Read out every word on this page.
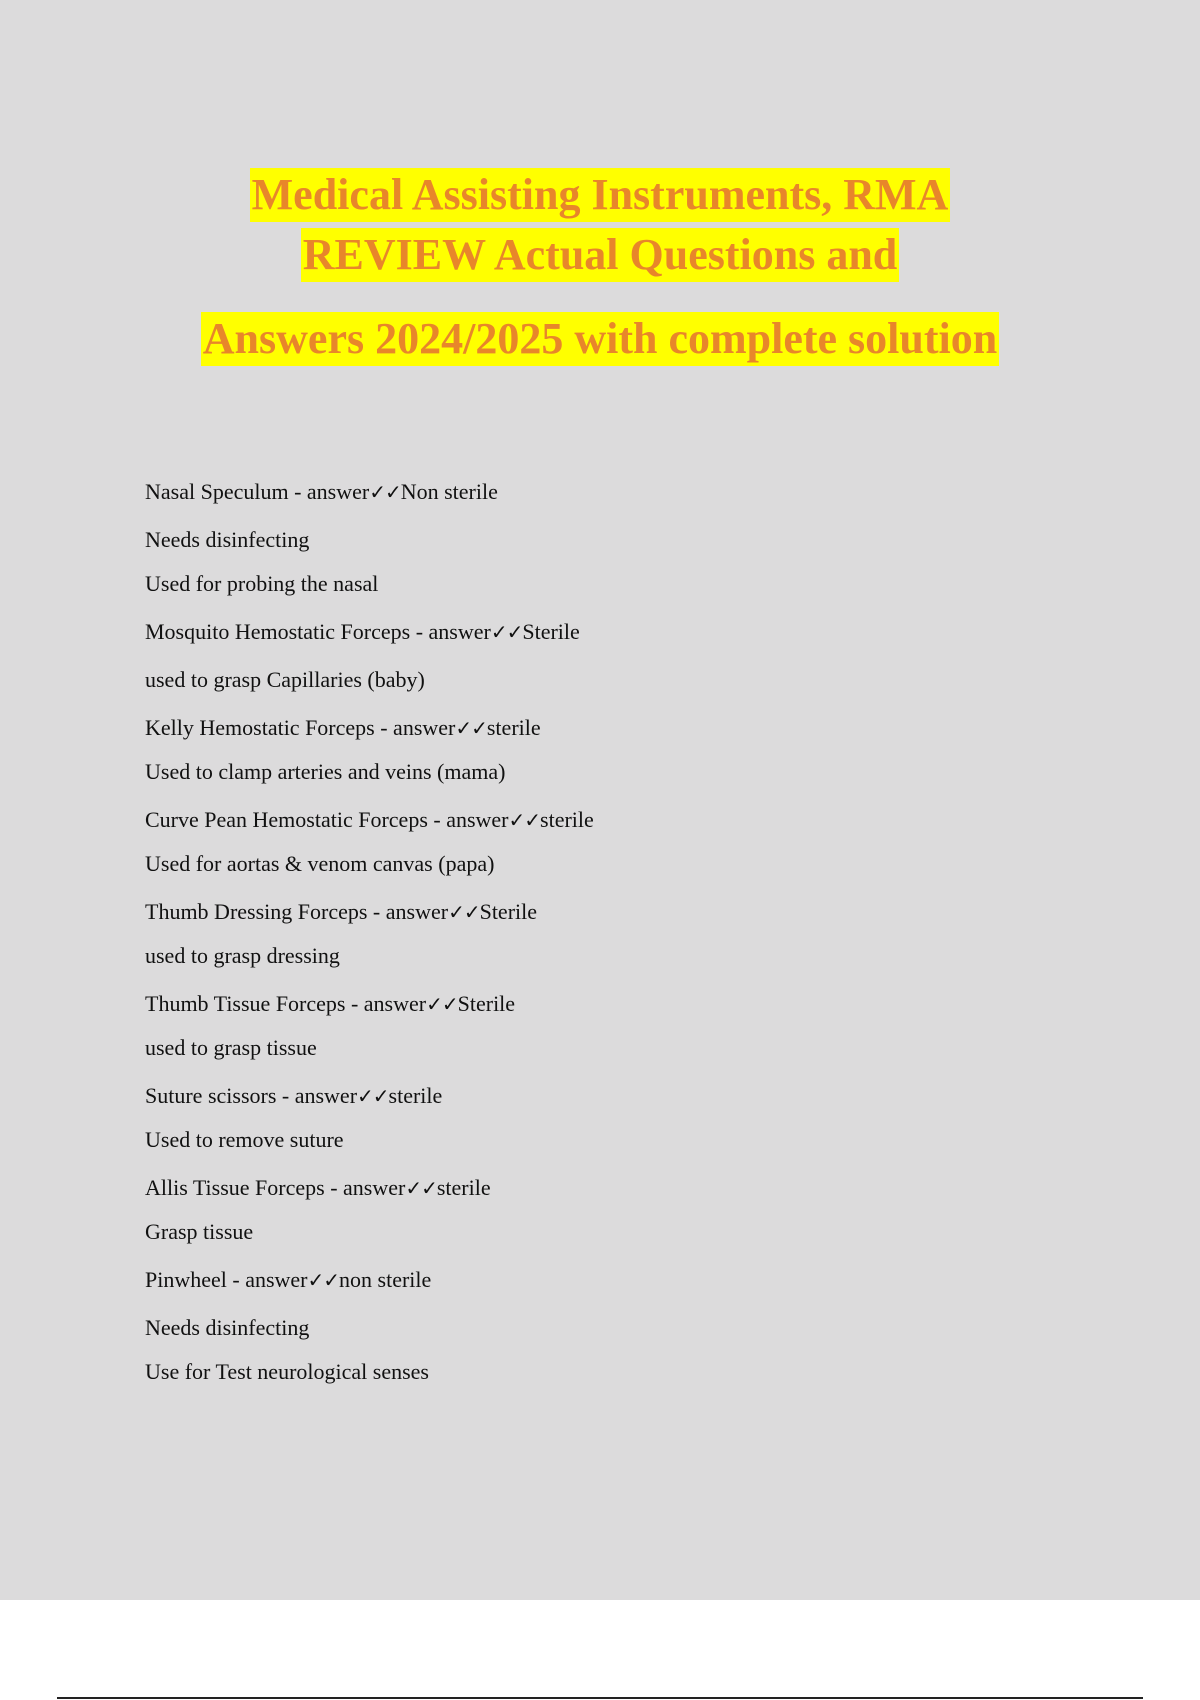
Medical Assisting Instruments, RMA
REVIEW Actual Questions and
Answers 2024/2025 with complete solution
Nasal Speculum - answer✓✓Non sterile
Needs disinfecting
Used for probing the nasal
Mosquito Hemostatic Forceps - answer✓✓Sterile
used to grasp Capillaries (baby)
Kelly Hemostatic Forceps - answer✓✓sterile
Used to clamp arteries and veins (mama)
Curve Pean Hemostatic Forceps - answer✓✓sterile
Used for aortas & venom canvas (papa)
Thumb Dressing Forceps - answer✓✓Sterile
used to grasp dressing
Thumb Tissue Forceps - answer✓✓Sterile
used to grasp tissue
Suture scissors - answer✓✓sterile
Used to remove suture
Allis Tissue Forceps - answer✓✓sterile
Grasp tissue
Pinwheel - answer✓✓non sterile
Needs disinfecting
Use for Test neurological senses
